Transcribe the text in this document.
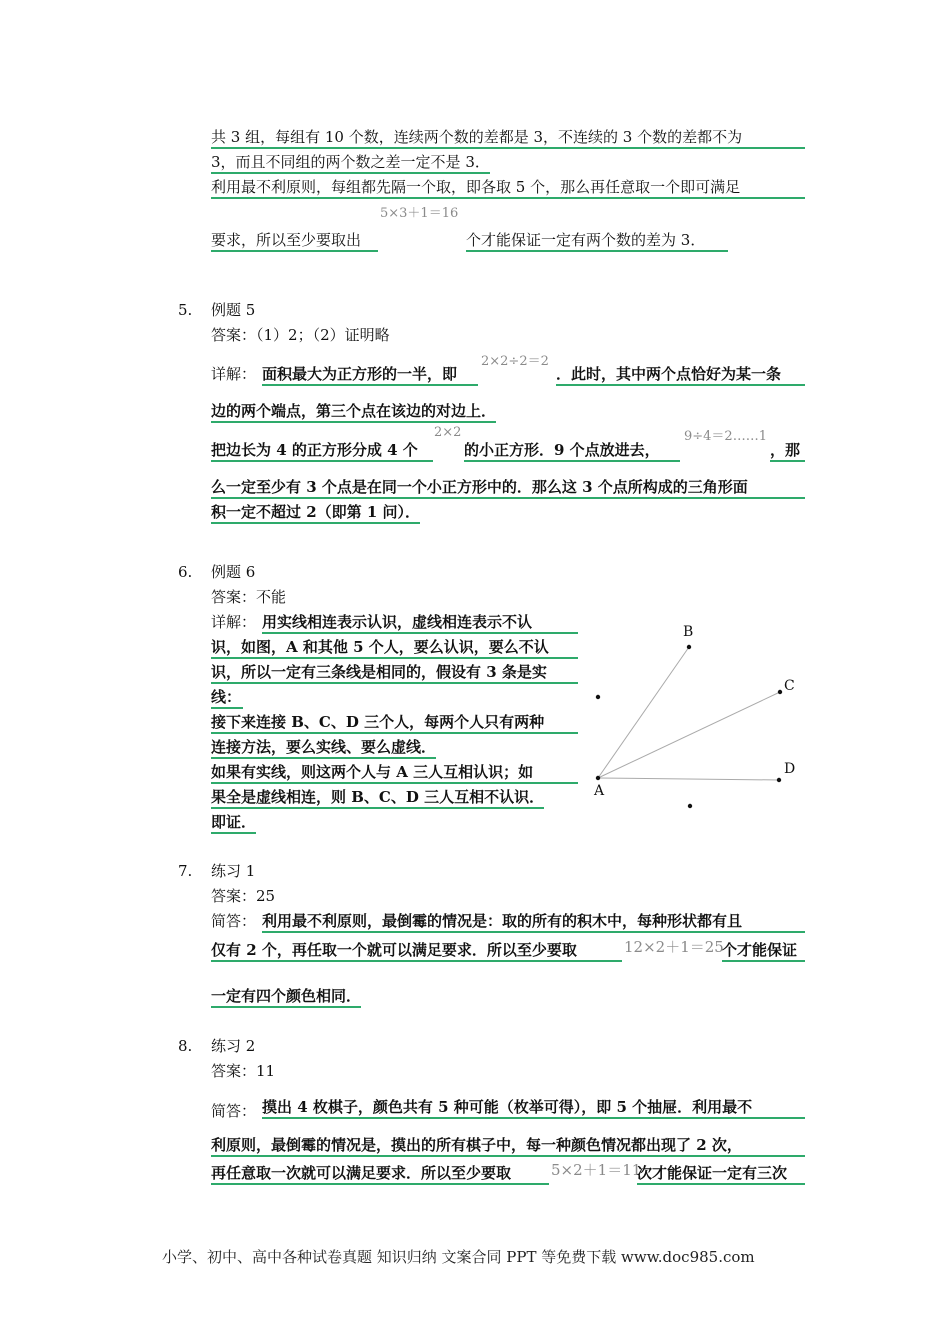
共 3 组，每组有 10 个数，连续两个数的差都是 3，不连续的 3 个数的差都不为
3，而且不同组的两个数之差一定不是 3．
利用最不利原则，每组都先隔一个取，即各取 5 个，那么再任意取一个即可满足
5×3＋1＝16
要求，所以至少要取出	个才能保证一定有两个数的差为 3．
5. 例题 5
答案：（1）2；（2）证明略
详解： 面积最大为正方形的一半，即
2×2÷2＝2
．此时，其中两个点恰好为某一条
边的两个端点，第三个点在该边的对边上．
把边长为 4 的正方形分成 4 个
2×2
的小正方形．9 个点放进去，
9÷4＝2……1
，那
么一定至少有 3 个点是在同一个小正方形中的．那么这 3 个点所构成的三角形面
积一定不超过 2（即第 1 问）．
6. 例题 6
答案：不能
详解： 用实线相连表示认识，虚线相连表示不认
识，如图，A 和其他 5 个人，要么认识，要么不认
识，所以一定有三条线是相同的，假设有 3 条是实
线：
接下来连接 B、C、D 三个人，每两个人只有两种
连接方法，要么实线、要么虚线．
如果有实线，则这两个人与 A 三人互相认识；如
果全是虚线相连，则 B、C、D 三人互相不认识．
即证．
B
C
D
A
7. 练习 1
答案：25
简答： 利用最不利原则，最倒霉的情况是：取的所有的积木中，每种形状都有且
仅有 2 个，再任取一个就可以满足要求．所以至少要取	12×2＋1＝25
个才能保证
一定有四个颜色相同．
8. 练习 2
答案：11
简答： 摸出 4 枚棋子，颜色共有 5 种可能（枚举可得），即 5 个抽屉．利用最不
利原则，最倒霉的情况是，摸出的所有棋子中，每一种颜色情况都出现了 2 次，
再任意取一次就可以满足要求．所以至少要取	5×2＋1＝11
次才能保证一定有三次
小学、初中、高中各种试卷真题 知识归纳 文案合同 PPT 等免费下载 www.doc985.com
